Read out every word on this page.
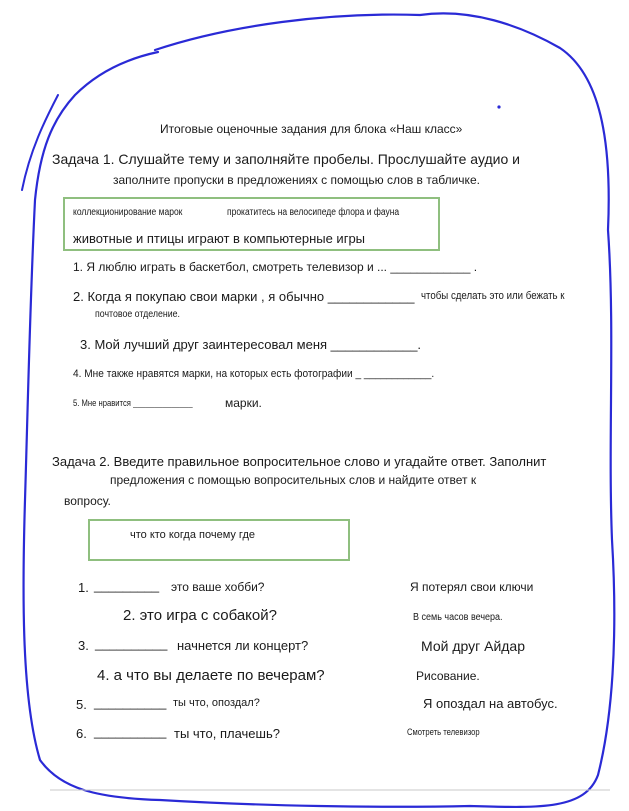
Итоговые оценочные задания для блока «Наш класс»
Задача 1. Слушайте тему и заполняйте пробелы. Прослушайте аудио и
заполните пропуски в предложениях с помощью слов в табличке.
коллекционирование марок	прокатитесь на велосипеде флора и фауна
животные и птицы играют в компьютерные игры
1. Я люблю играть в баскетбол, смотреть телевизор и ... ____________ .
2. Когда я покупаю свои марки , я обычно ____________ чтобы сделать это или бежать к
почтовое отделение.
3. Мой лучший друг заинтересовал меня ____________.
4. Мне также нравятся марки, на которых есть фотографии _ ____________.
5. Мне нравится ______________	марки.
Задача 2. Введите правильное вопросительное слово и угадайте ответ. Заполнит
предложения с помощью вопросительных слов и найдите ответ к
вопросу.
что кто когда почему где
1. _________ это ваше хобби?	Я потерял свои ключи
2. это игра с собакой?	В семь часов вечера.
3. __________ начнется ли концерт?	Мой друг Айдар
4. а что вы делаете по вечерам?	Рисование.
5. __________ ты что, опоздал?	Я опоздал на автобус.
6. __________ ты что, плачешь?	Смотреть телевизор
